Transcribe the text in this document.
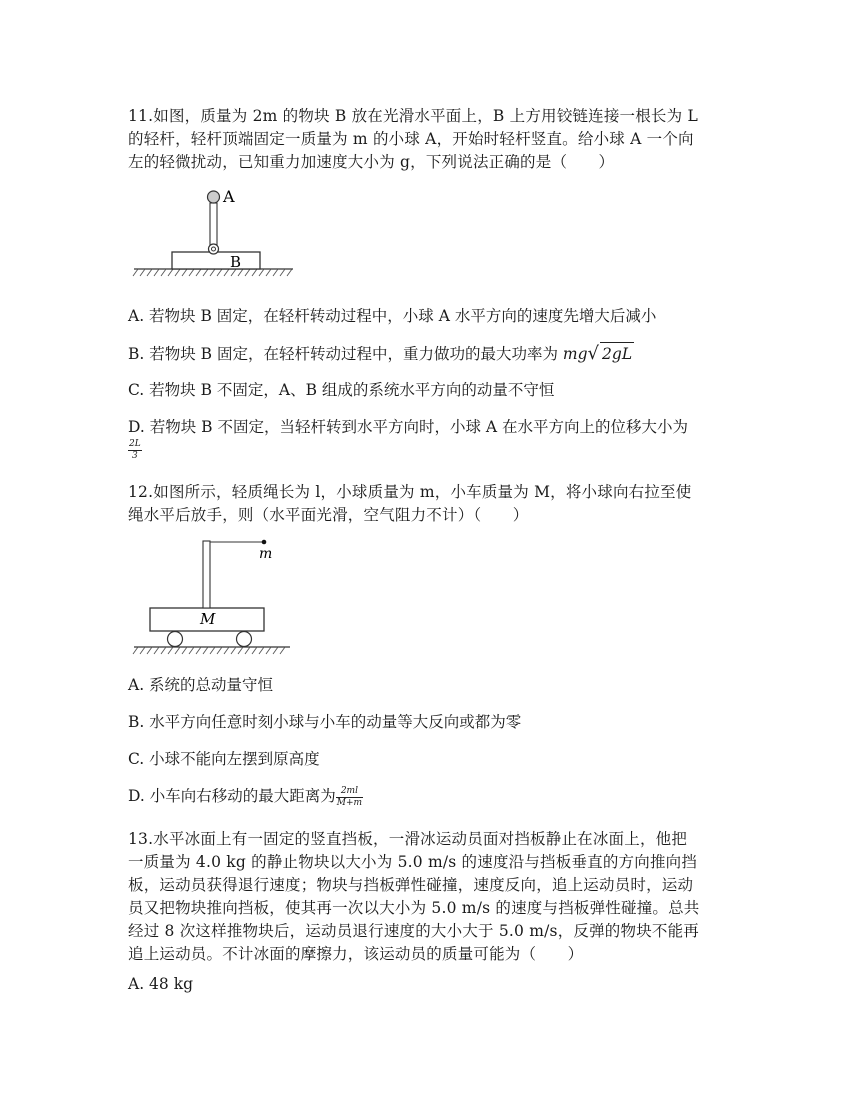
11.如图，质量为 2m 的物块 B 放在光滑水平面上，B 上方用铰链连接一根长为 L

的轻杆，轻杆顶端固定一质量为 m 的小球 A，开始时轻杆竖直。给小球 A 一个向

左的轻微扰动，已知重力加速度大小为 g，下列说法正确的是（　　）

A
B

A. 若物块 B 固定，在轻杆转动过程中，小球 A 水平方向的速度先增大后减小

B. 若物块 B 固定，在轻杆转动过程中，重力做功的最大功率为 mg√ 2gL

C. 若物块 B 不固定，A、B 组成的系统水平方向的动量不守恒

D. 若物块 B 不固定，当轻杆转到水平方向时，小球 A 在水平方向上的位移大小为

$\frac{2L}{3}$

12.如图所示，轻质绳长为 l，小球质量为 m，小车质量为 M，将小球向右拉至使

绳水平后放手，则（水平面光滑，空气阻力不计）（　　）

m
M

A. 系统的总动量守恒

B. 水平方向任意时刻小球与小车的动量等大反向或都为零

C. 小球不能向左摆到原高度

D. 小车向右移动的最大距离为 $\frac{2ml}{M+m}$

13.水平冰面上有一固定的竖直挡板，一滑冰运动员面对挡板静止在冰面上，他把

一质量为 4.0 kg 的静止物块以大小为 5.0 m/s 的速度沿与挡板垂直的方向推向挡

板，运动员获得退行速度；物块与挡板弹性碰撞，速度反向，追上运动员时，运动

员又把物块推向挡板，使其再一次以大小为 5.0 m/s 的速度与挡板弹性碰撞。总共

经过 8 次这样推物块后，运动员退行速度的大小大于 5.0 m/s，反弹的物块不能再

追上运动员。不计冰面的摩擦力，该运动员的质量可能为（　　）

A. 48 kg
